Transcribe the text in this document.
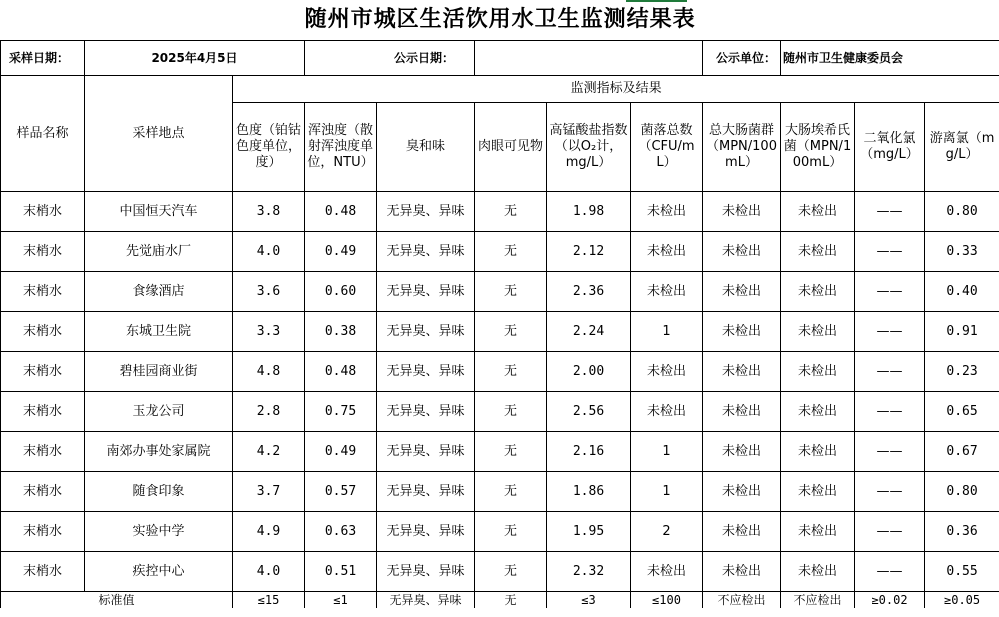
随州市城区生活饮用水卫生监测结果表											
采样日期：	2025年4月5日		公示日期：					公示单位：	随州市卫生健康委员会		
样品名称	采样地点	监测指标及结果									
		色度（铂钴色度单位，度）	浑浊度（散射浑浊度单位，NTU）	臭和味	肉眼可见物	高锰酸盐指数（以O₂计，mg/L）	菌落总数（CFU/mL）	总大肠菌群（MPN/100mL）	大肠埃希氏菌（MPN/100mL）	二氧化氯（mg/L）	游离氯（mg/L）
末梢水	中国恒天汽车	3.8	0.48	无异臭、异味	无	1.98	未检出	未检出	未检出	——	0.80
末梢水	先觉庙水厂	4.0	0.49	无异臭、异味	无	2.12	未检出	未检出	未检出	——	0.33
末梢水	食缘酒店	3.6	0.60	无异臭、异味	无	2.36	未检出	未检出	未检出	——	0.40
末梢水	东城卫生院	3.3	0.38	无异臭、异味	无	2.24	1	未检出	未检出	——	0.91
末梢水	碧桂园商业街	4.8	0.48	无异臭、异味	无	2.00	未检出	未检出	未检出	——	0.23
末梢水	玉龙公司	2.8	0.75	无异臭、异味	无	2.56	未检出	未检出	未检出	——	0.65
末梢水	南郊办事处家属院	4.2	0.49	无异臭、异味	无	2.16	1	未检出	未检出	——	0.67
末梢水	随食印象	3.7	0.57	无异臭、异味	无	1.86	1	未检出	未检出	——	0.80
末梢水	实验中学	4.9	0.63	无异臭、异味	无	1.95	2	未检出	未检出	——	0.36
末梢水	疾控中心	4.0	0.51	无异臭、异味	无	2.32	未检出	未检出	未检出	——	0.55
标准值		≤15	≤1	无异臭、异味	无	≤3	≤100	不应检出	不应检出	≥0.02	≥0.05
